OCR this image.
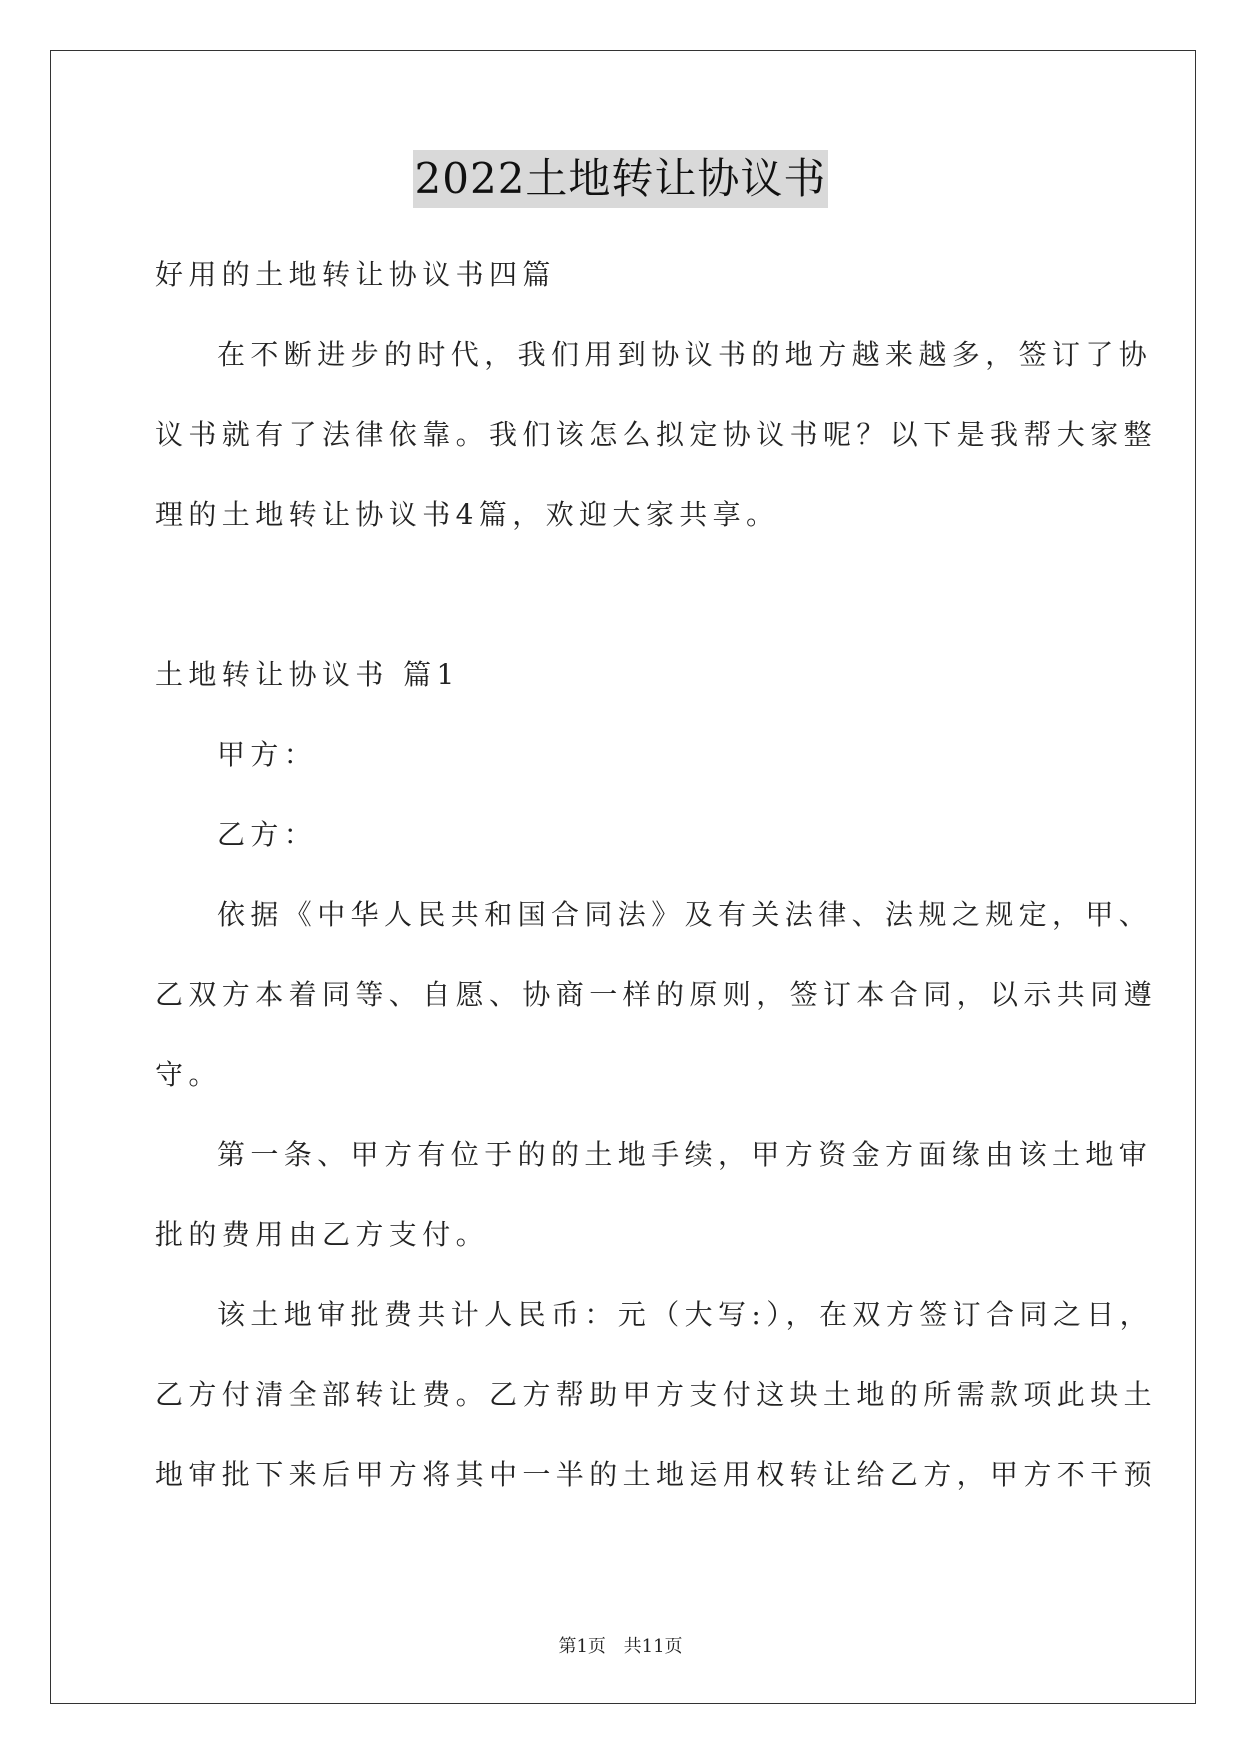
2022土地转让协议书
好用的土地转让协议书四篇
在不断进步的时代，我们用到协议书的地方越来越多，签订了协
议书就有了法律依靠。我们该怎么拟定协议书呢？以下是我帮大家整
理的土地转让协议书4篇，欢迎大家共享。
土地转让协议书 篇1
甲方：
乙方：
依据《中华人民共和国合同法》及有关法律、法规之规定，甲、
乙双方本着同等、自愿、协商一样的原则，签订本合同，以示共同遵
守。
第一条、甲方有位于的的土地手续，甲方资金方面缘由该土地审
批的费用由乙方支付。
该土地审批费共计人民币：元（大写:），在双方签订合同之日，
乙方付清全部转让费。乙方帮助甲方支付这块土地的所需款项此块土
地审批下来后甲方将其中一半的土地运用权转让给乙方，甲方不干预
第1页 共11页
